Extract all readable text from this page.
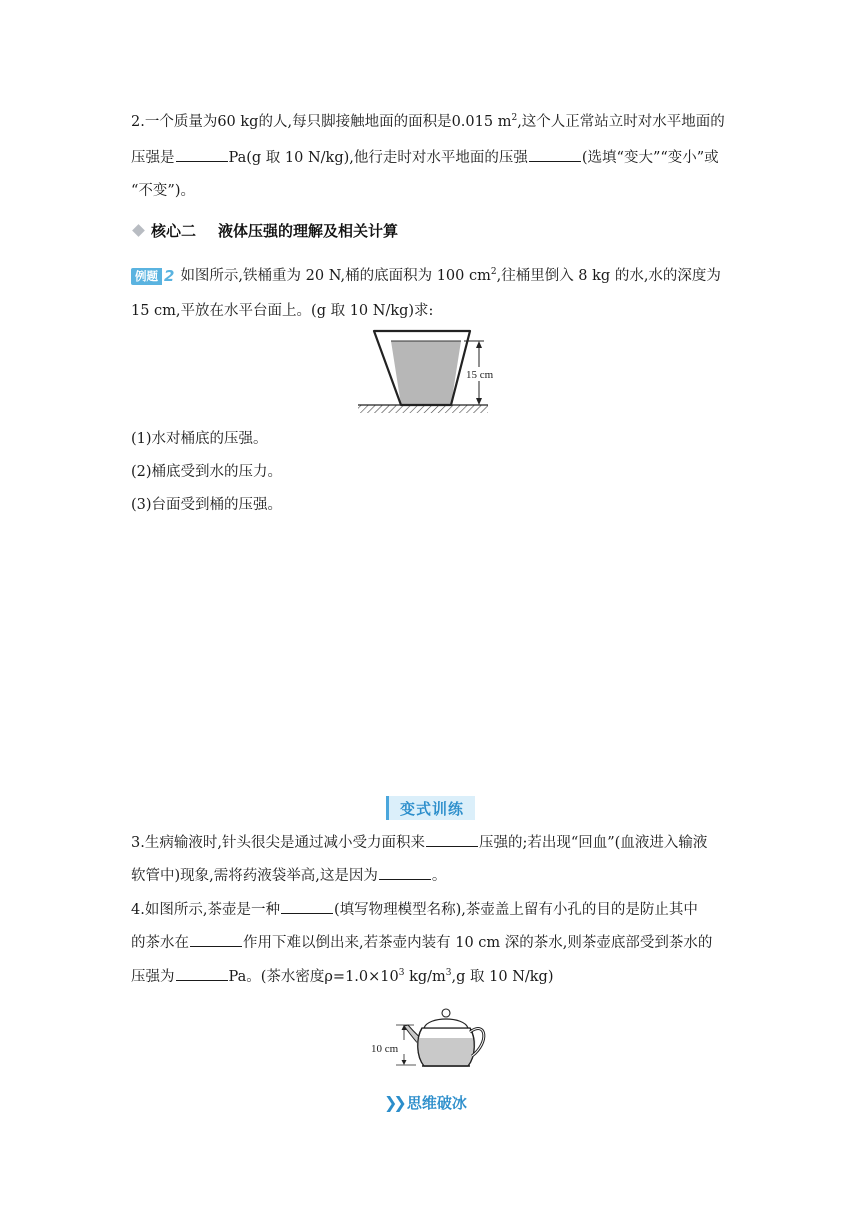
2.一个质量为60 kg的人,每只脚接触地面的面积是0.015 $m^2$,这个人正常站立时对水平地面的
压强是	Pa(g 取 10 N/kg),他行走时对水平地面的压强	(选填“变大”“变小”或
“不变”)。
核心二 液体压强的理解及相关计算
例题 2 如图所示,铁桶重为 20 N,桶的底面积为 100 $cm^2$,往桶里倒入 8 kg 的水,水的深度为
15 cm,平放在水平台面上。(g 取 10 N/kg)求:
15 cm
(1)水对桶底的压强。
(2)桶底受到水的压力。
(3)台面受到桶的压强。
变式训练
3.生病输液时,针头很尖是通过减小受力面积来	压强的;若出现“回血”(血液进入输液
软管中)现象,需将药液袋举高,这是因为	。
4.如图所示,茶壶是一种	(填写物理模型名称),茶壶盖上留有小孔的目的是防止其中
的茶水在	作用下难以倒出来,若茶壶内装有 10 cm 深的茶水,则茶壶底部受到茶水的
压强为	Pa。(茶水密度$\rho=1.0\times 10^3$ $kg/m^3,g$ 取 10 N/kg)
10 cm
❯❯ 思维破冰
